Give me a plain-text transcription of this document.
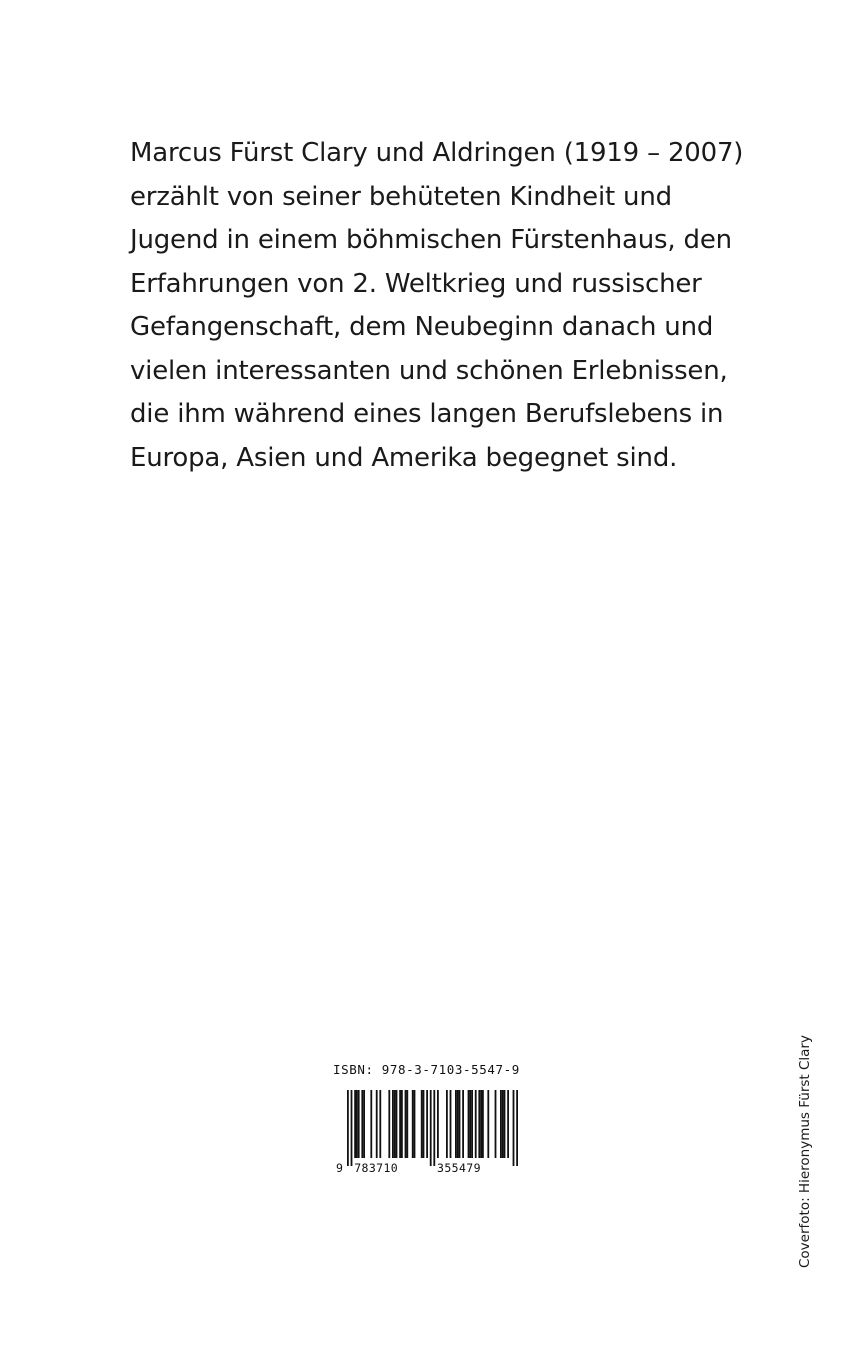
Marcus Fürst Clary und Aldringen (1919 – 2007)
erzählt von seiner behüteten Kindheit und
Jugend in einem böhmischen Fürstenhaus, den
Erfahrungen von 2. Weltkrieg und russischer
Gefangenschaft, dem Neubeginn danach und
vielen interessanten und schönen Erlebnissen,
die ihm während eines langen Berufslebens in
Europa, Asien und Amerika begegnet sind.
ISBN: 978-3-7103-5547-9
9 783710	355479	Coverfoto: Hieronymus Fürst Clary
